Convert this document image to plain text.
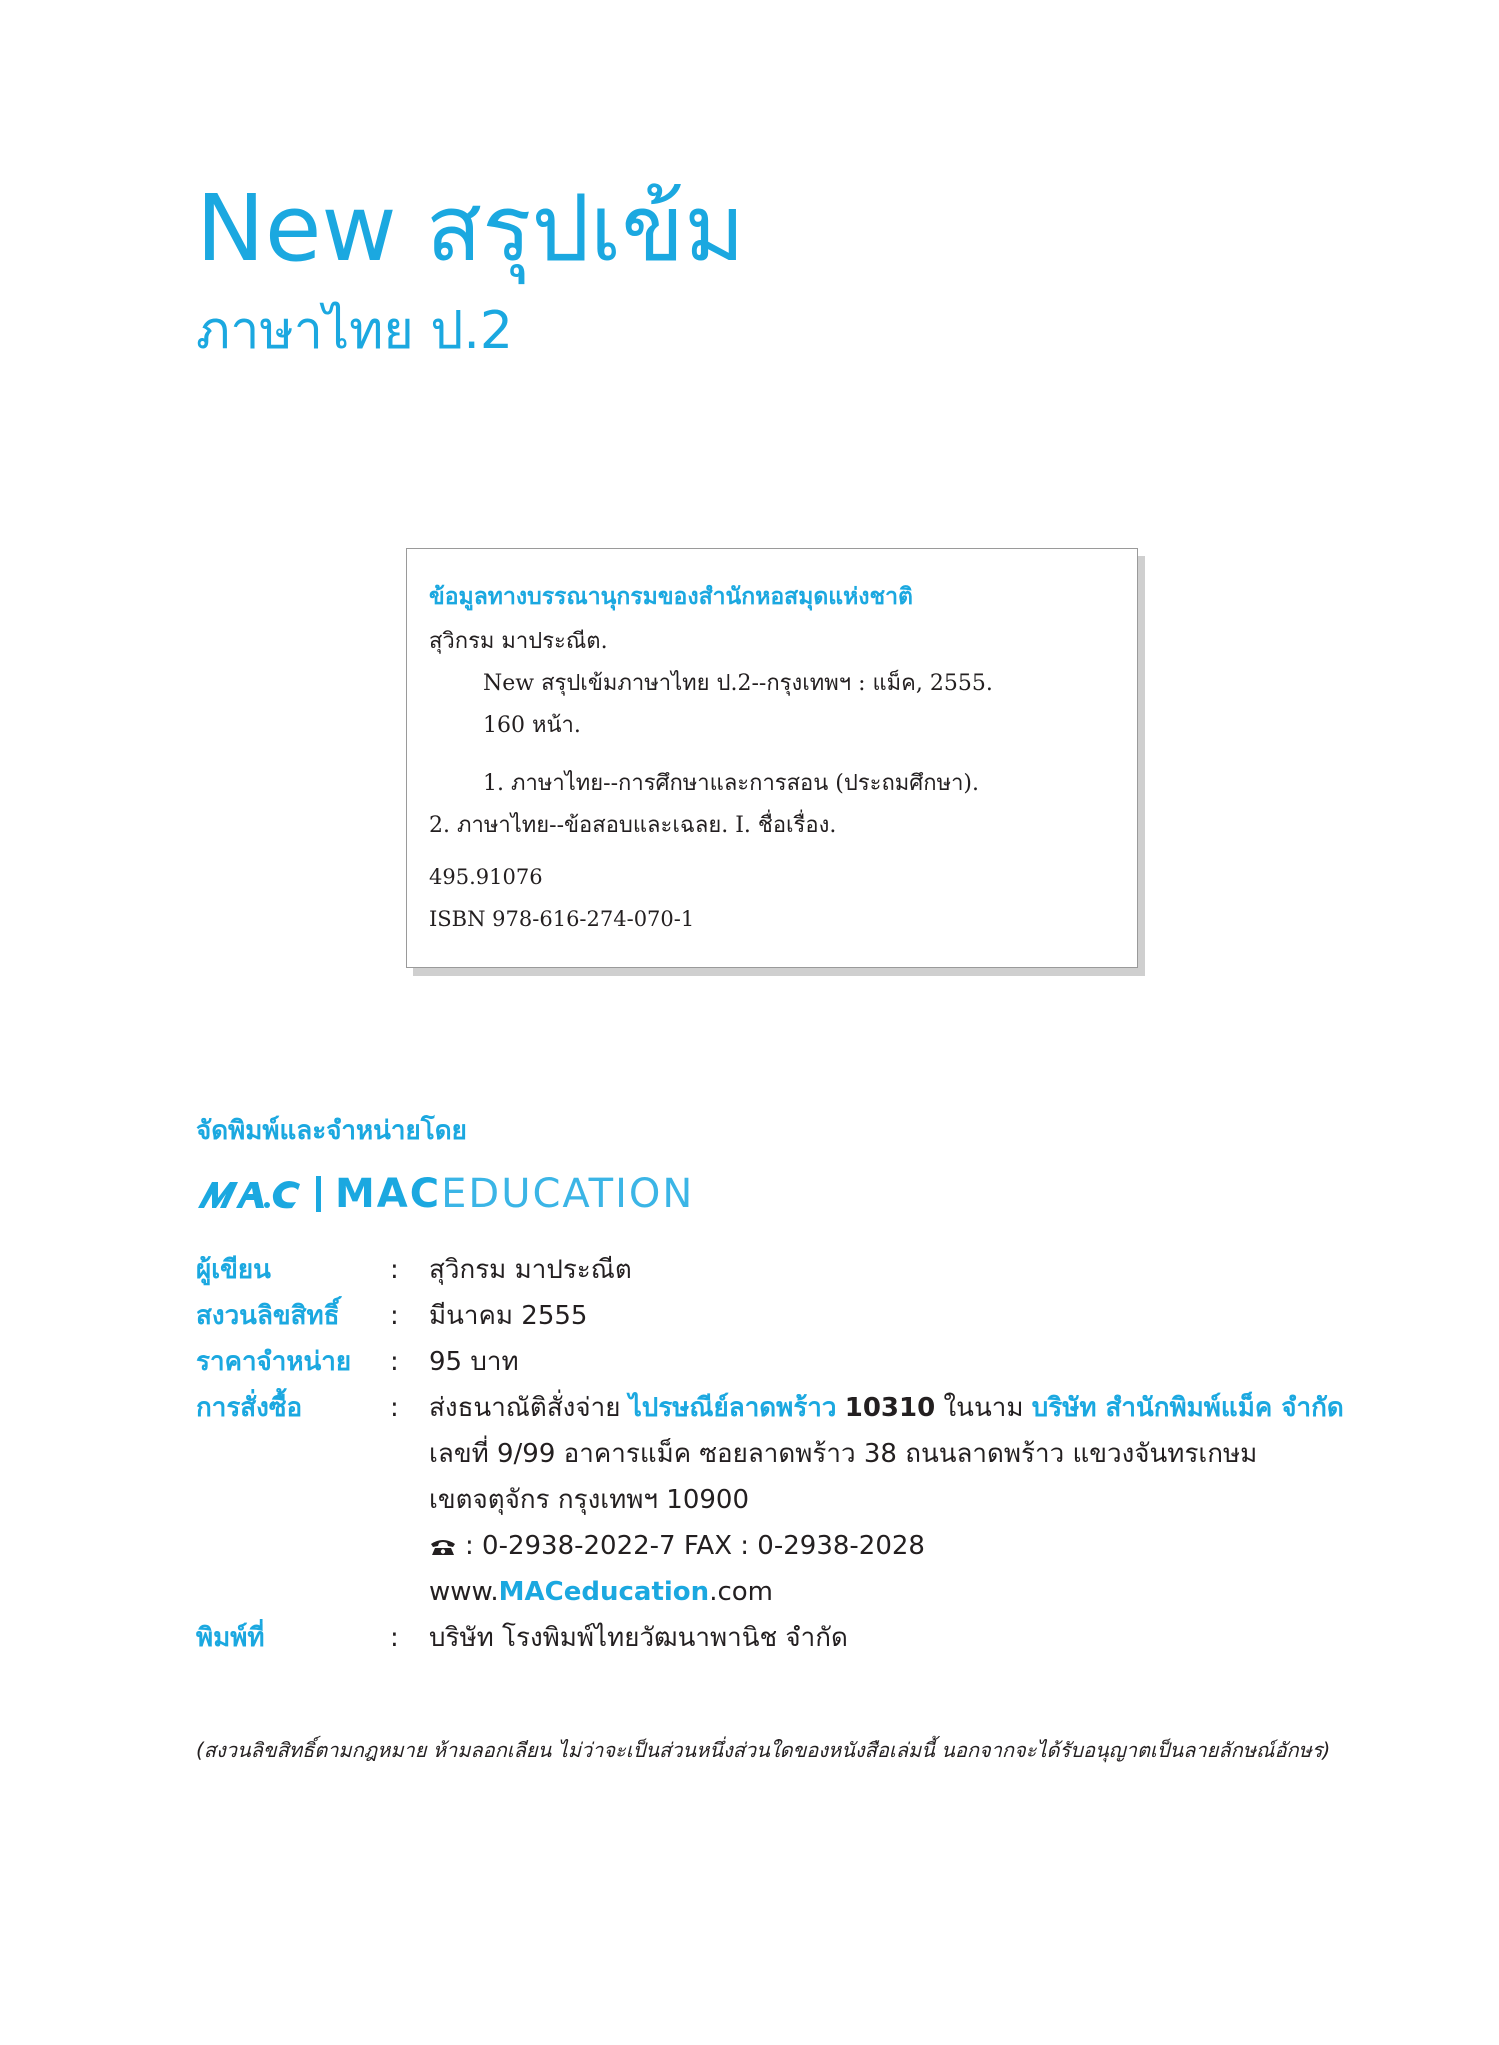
New สรุปเข้ม
ภาษาไทย ป.2
ข้อมูลทางบรรณานุกรมของสำนักหอสมุดแห่งชาติ
สุวิกรม มาประณีต.
New สรุปเข้มภาษาไทย ป.2--กรุงเทพฯ : แม็ค, 2555.
160 หน้า.
1. ภาษาไทย--การศึกษาและการสอน (ประถมศึกษา).
2. ภาษาไทย--ข้อสอบและเฉลย. I. ชื่อเรื่อง.
495.91076
ISBN 978-616-274-070-1
จัดพิมพ์และจำหน่ายโดย
MACEDUCATION
ผู้เขียน	: สุวิกรม มาประณีต
สงวนลิขสิทธิ์ : มีนาคม 2555
ราคาจำหน่าย : 95 บาท
การสั่งซื้อ	: ส่งธนาณัติสั่งจ่าย ไปรษณีย์ลาดพร้าว 10310 ในนาม บริษัท สำนักพิมพ์แม็ค จำกัด
เลขที่ 9/99 อาคารแม็ค ซอยลาดพร้าว 38 ถนนลาดพร้าว แขวงจันทรเกษม
เขตจตุจักร กรุงเทพฯ 10900
: 0-2938-2022-7 FAX : 0-2938-2028
www.MACeducation.com
พิมพ์ที่	: บริษัท โรงพิมพ์ไทยวัฒนาพานิช จำกัด
(สงวนลิขสิทธิ์ตามกฎหมาย ห้ามลอกเลียน ไม่ว่าจะเป็นส่วนหนึ่งส่วนใดของหนังสือเล่มนี้ นอกจากจะได้รับอนุญาตเป็นลายลักษณ์อักษร)
